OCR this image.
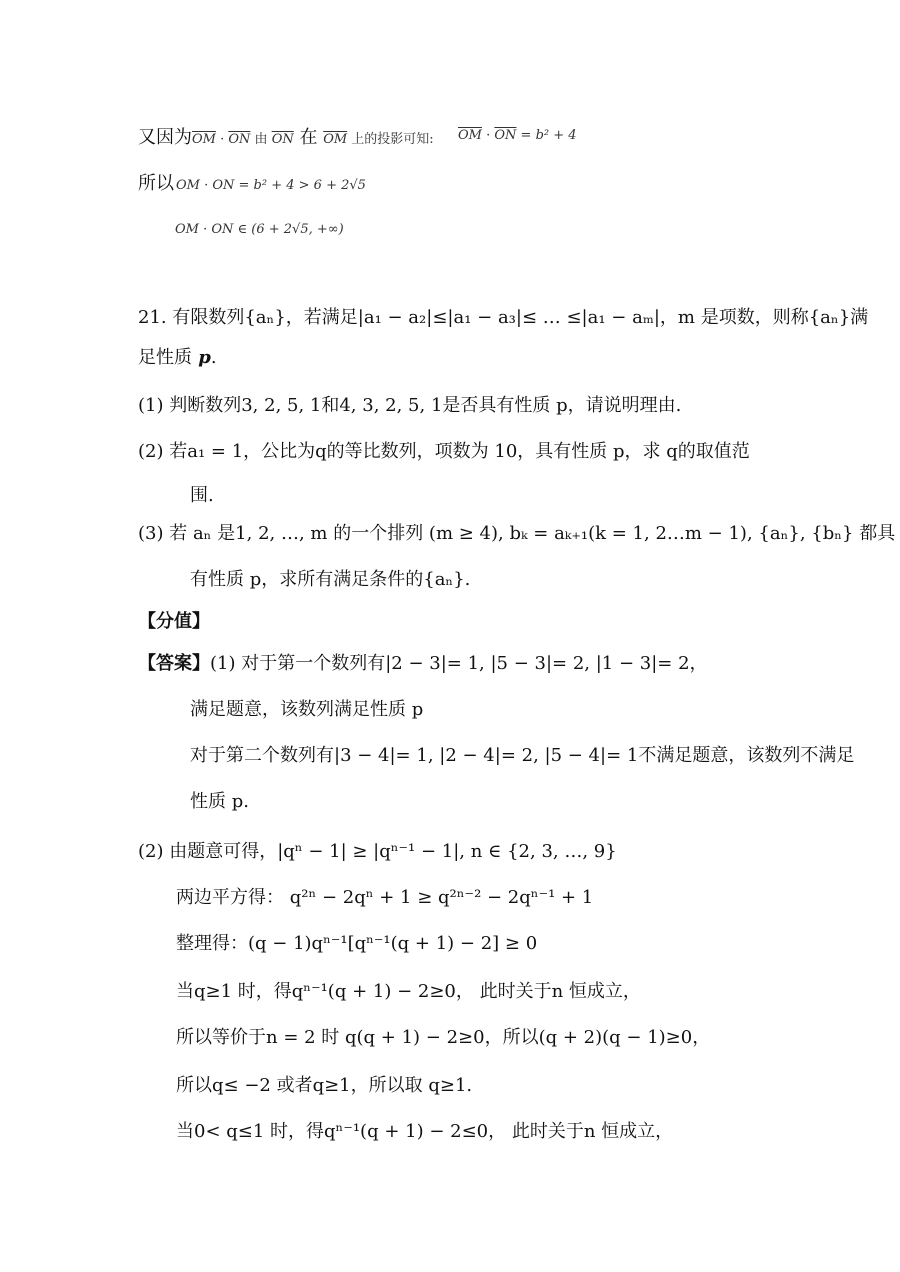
又因为$\overline{OM} \cdot \overline{ON}$ 由 $\overline{ON}$ 在 $\overline{OM}$ 上的投影可知: $\overline{OM} \cdot \overline{ON} = b^2 + 4$
所以 OM · ON = b² + 4 > 6 + 2√5
OM · ON ∈ (6 + 2√5, +∞)
21. 有限数列{aₙ}，若满足|a₁ − a₂|≤|a₁ − a₃|≤ … ≤|a₁ − aₘ|，m 是项数，则称{aₙ}满
足性质 p.
(1) 判断数列3, 2, 5, 1和4, 3, 2, 5, 1是否具有性质 p，请说明理由.
(2) 若a₁ = 1，公比为q的等比数列，项数为 10，具有性质 p，求 q的取值范
围.
(3) 若 aₙ 是1, 2, …, m 的一个排列 (m ≥ 4), bₖ = aₖ₊₁(k = 1, 2…m − 1), {aₙ}, {bₙ} 都具
有性质 p，求所有满足条件的{aₙ}.
【分值】
【答案】(1) 对于第一个数列有|2 − 3|= 1, |5 − 3|= 2, |1 − 3|= 2，
满足题意，该数列满足性质 p
对于第二个数列有|3 − 4|= 1, |2 − 4|= 2, |5 − 4|= 1不满足题意，该数列不满足
性质 p.
(2) 由题意可得，|qⁿ − 1| ≥ |qⁿ⁻¹ − 1|, n ∈ {2, 3, …, 9}
两边平方得： q²ⁿ − 2qⁿ + 1 ≥ q²ⁿ⁻² − 2qⁿ⁻¹ + 1
整理得：(q − 1)qⁿ⁻¹[qⁿ⁻¹(q + 1) − 2] ≥ 0
当q≥1 时，得qⁿ⁻¹(q + 1) − 2≥0， 此时关于n 恒成立，
所以等价于n = 2 时 q(q + 1) − 2≥0，所以(q + 2)(q − 1)≥0，
所以q≤ −2 或者q≥1，所以取 q≥1.
当0< q≤1 时，得qⁿ⁻¹(q + 1) − 2≤0， 此时关于n 恒成立，
